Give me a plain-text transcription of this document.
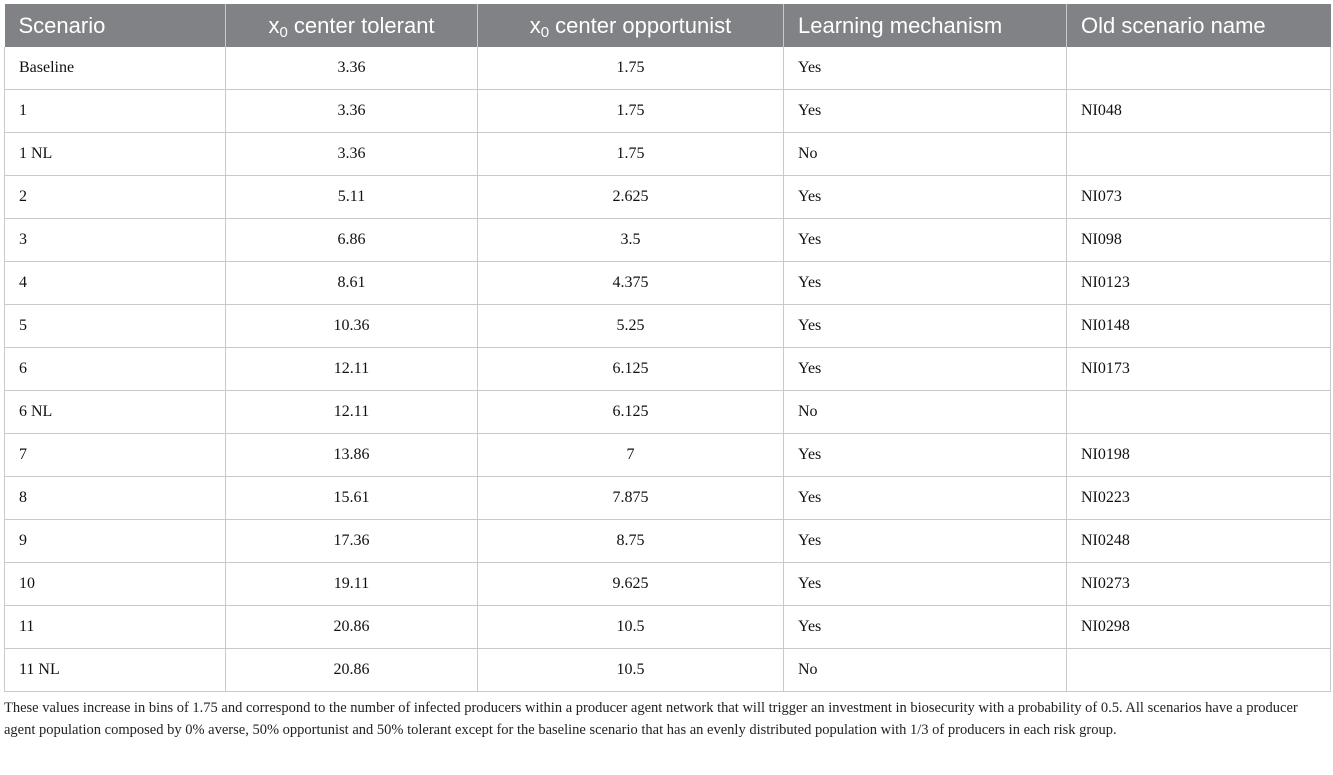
Scenario	$x_0$ center tolerant	$x_0$ center opportunist	Learning mechanism	Old scenario name
Baseline	3.36	1.75	Yes	
1	3.36	1.75	Yes	NI048
1 NL	3.36	1.75	No	
2	5.11	2.625	Yes	NI073
3	6.86	3.5	Yes	NI098
4	8.61	4.375	Yes	NI0123
5	10.36	5.25	Yes	NI0148
6	12.11	6.125	Yes	NI0173
6 NL	12.11	6.125	No	
7	13.86	7	Yes	NI0198
8	15.61	7.875	Yes	NI0223
9	17.36	8.75	Yes	NI0248
10	19.11	9.625	Yes	NI0273
11	20.86	10.5	Yes	NI0298
11 NL	20.86	10.5	No	

These values increase in bins of 1.75 and correspond to the number of infected producers within a producer agent network that will trigger an investment in biosecurity with a probability of 0.5. All scenarios have a producer agent population composed by 0% averse, 50% opportunist and 50% tolerant except for the baseline scenario that has an evenly distributed population with 1/3 of producers in each risk group.
